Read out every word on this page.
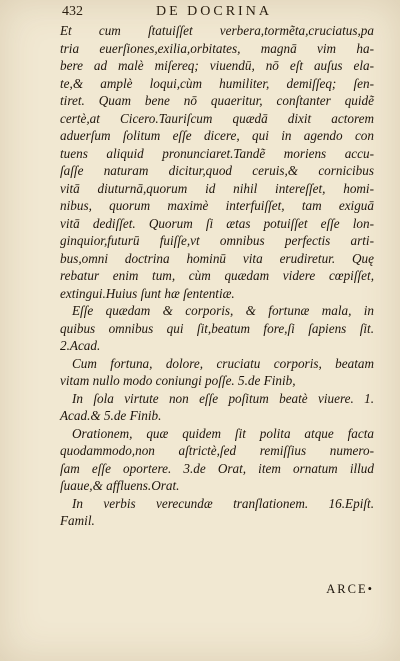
432	DE DOCRINA
Et cum ſtatuiſſet verbera,tormẽta,cruciatus,pa
tria euerſiones,exilia,orbitates, magnā vim ha-
bere ad malè miſereq; viuendū, nō eſt auſus ela-
te,& amplè loqui,cùm humiliter, demiſſeq; ſen-
tiret. Quam bene nō quaeritur, conſtanter quidẽ
certè,at Cicero.Tauriſcum quædā dixit actorem
aduerſum ſolitum eſſe dicere, qui in agendo con
tuens aliquid pronunciaret.Tandẽ moriens accu-
ſaſſe naturam dicitur,quod ceruis,& cornicibus
vitā diuturnā,quorum id nihil intereſſet, homi-
nibus, quorum maximè interfuiſſet, tam exiguā
vitā dediſſet. Quorum ſi ætas potuiſſet eſſe lon-
ginquior,futurū fuiſſe,vt omnibus perfectis arti-
bus,omni doctrina hominū vita erudiretur. Quę
rebatur enim tum, cùm quædam videre cœpiſſet,
extingui.Huius ſunt hæ ſententiæ.
Eſſe quædam & corporis, & fortunæ mala, in
quibus omnibus qui ſit,beatum fore,ſi ſapiens ſit.
2.Acad.
Cum fortuna, dolore, cruciatu corporis, beatam
vitam nullo modo coniungi poſſe. 5.de Finib,
In ſola virtute non eſſe poſitum beatè viuere. 1.
Acad.& 5.de Finib.
Orationem, quæ quidem ſit polita atque facta
quodammodo,non aſtrictè,ſed remiſſius numero-
ſam eſſe oportere. 3.de Orat, item ornatum illud
ſuaue,& affluens.Orat.
In verbis verecundæ tranſlationem. 16.Epiſt.
Famil.
ARCE•
